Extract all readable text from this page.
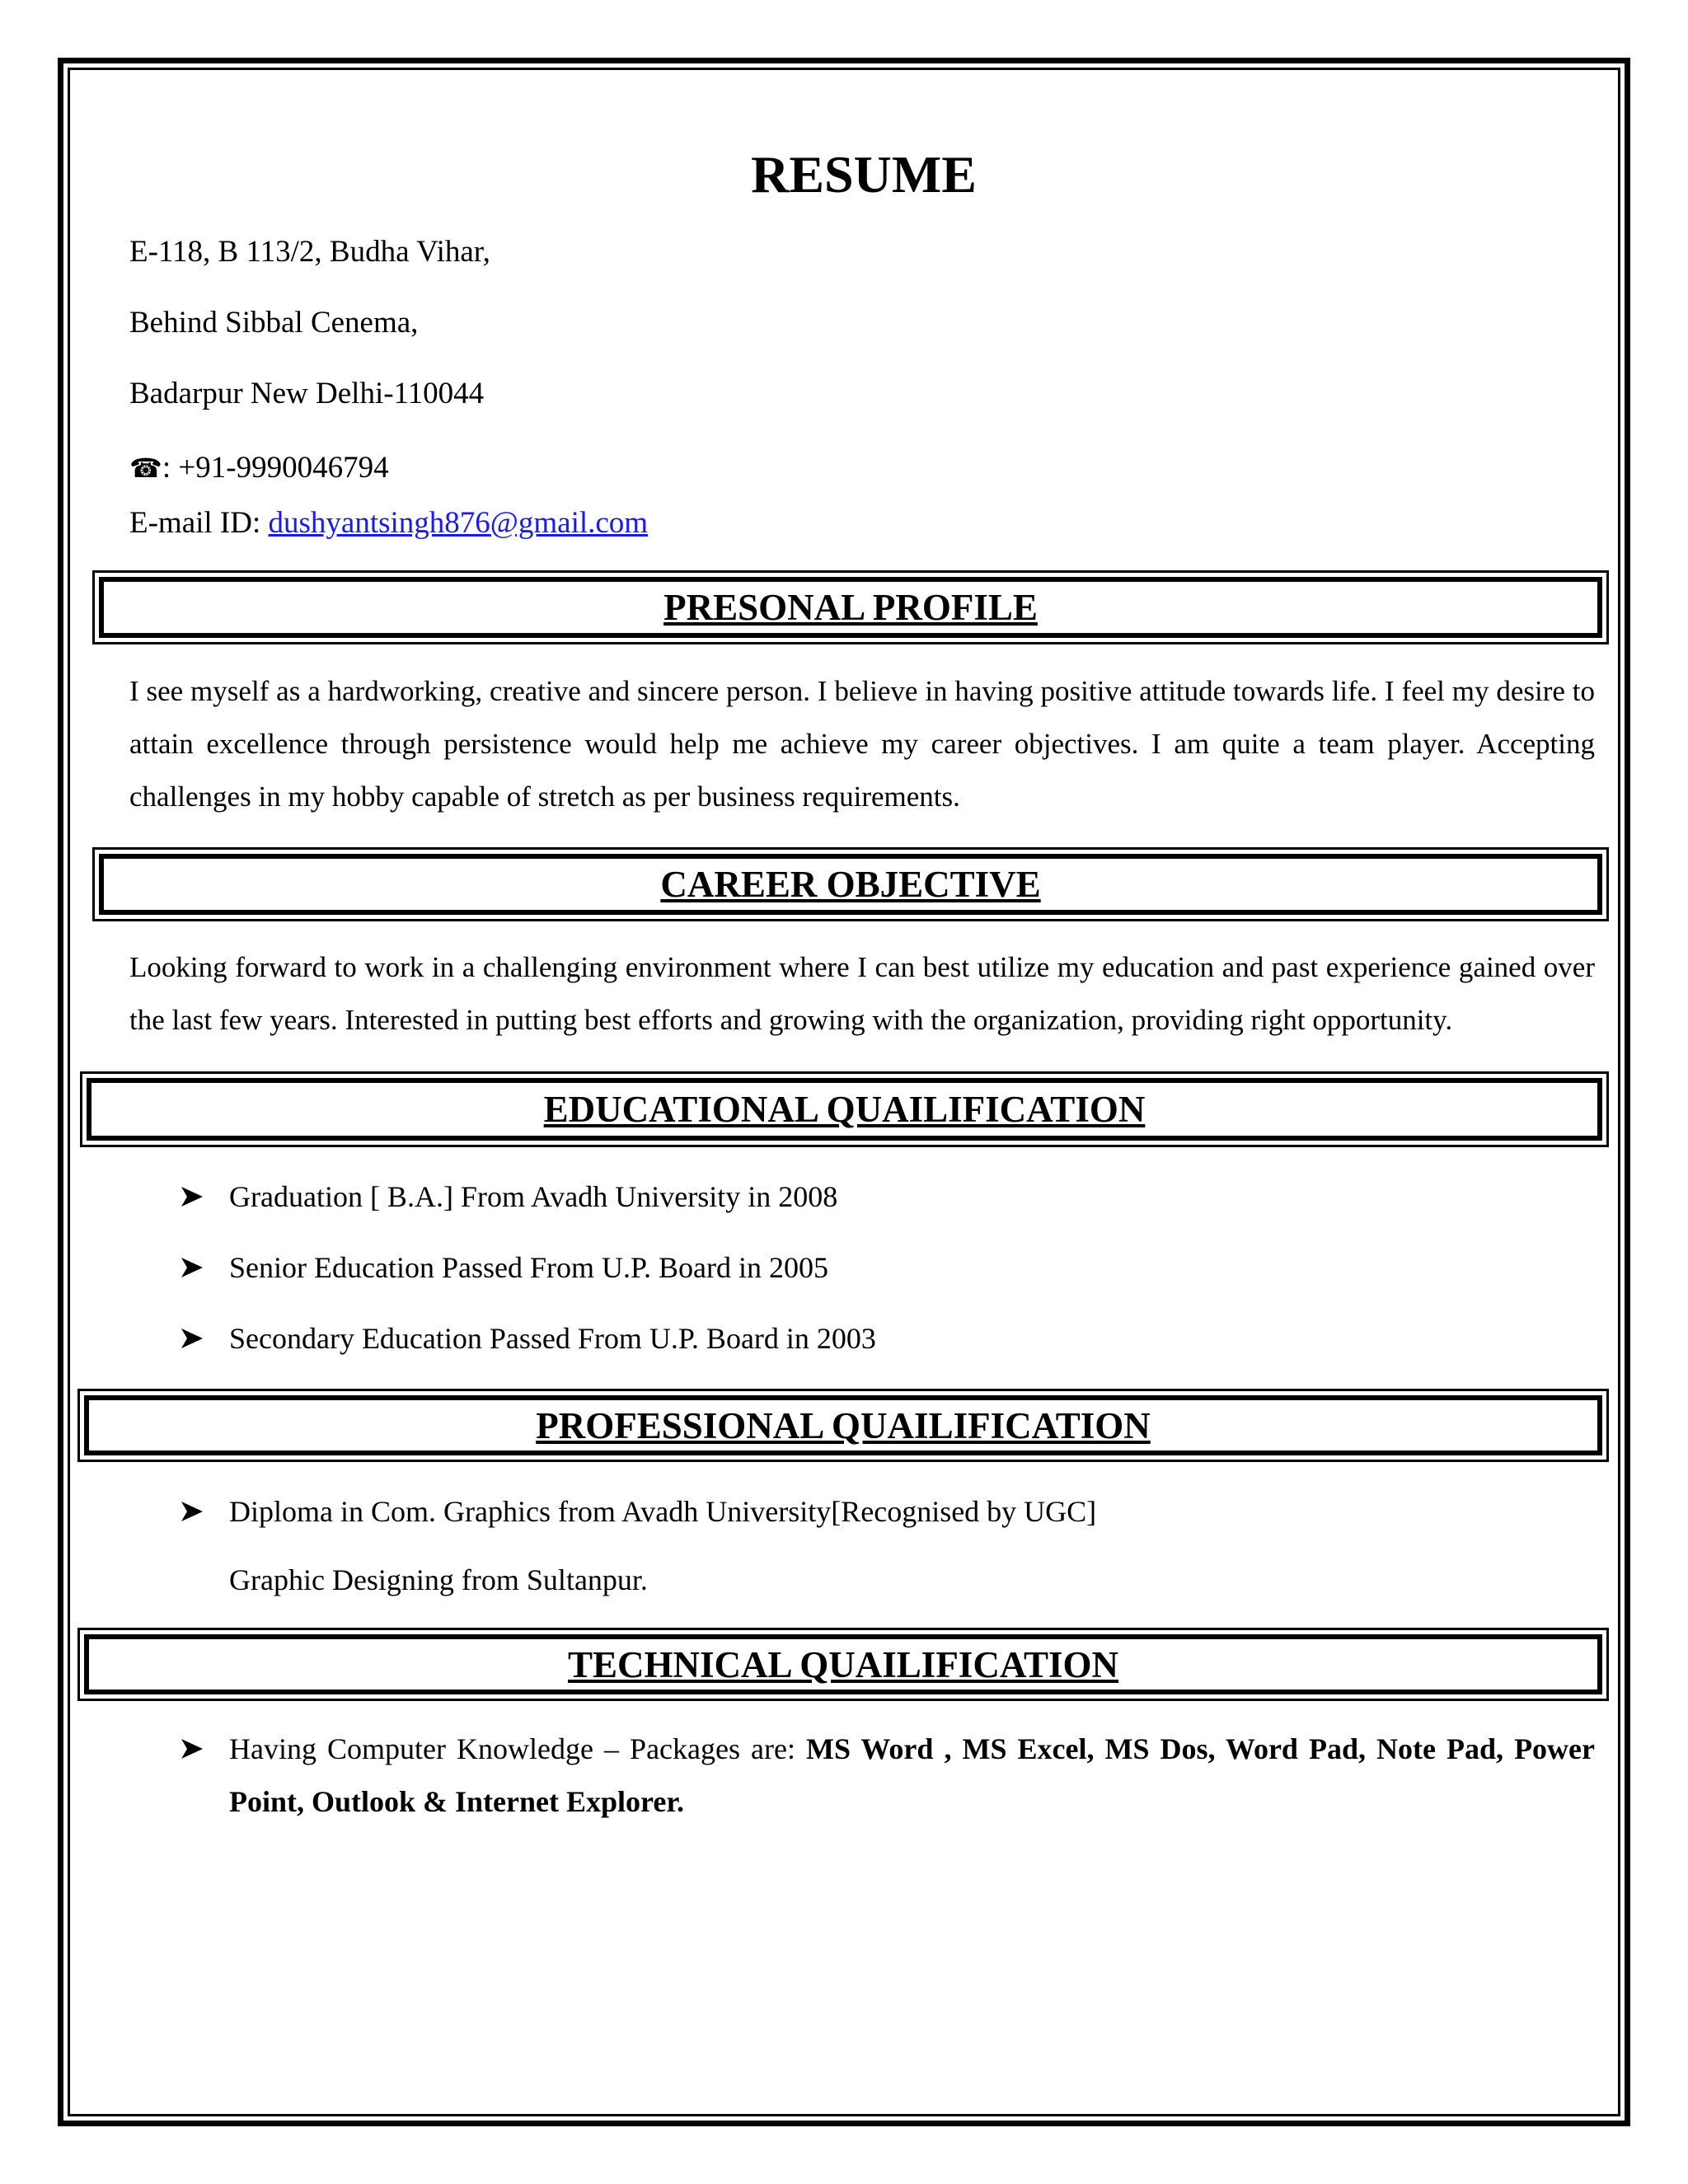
RESUME
E-118, B 113/2, Budha Vihar,
Behind Sibbal Cenema,
Badarpur New Delhi-110044
☎: +91-9990046794
E-mail ID: dushyantsingh876@gmail.com
PRESONAL PROFILE
I see myself as a hardworking, creative and sincere person. I believe in having positive attitude towards life. I feel my desire to attain excellence through persistence would help me achieve my career objectives. I am quite a team player. Accepting challenges in my hobby capable of stretch as per business requirements.
CAREER OBJECTIVE
Looking forward to work in a challenging environment where I can best utilize my education and past experience gained over the last few years. Interested in putting best efforts and growing with the organization, providing right opportunity.
EDUCATIONAL QUAILIFICATION
Graduation [ B.A.] From Avadh University in 2008
Senior Education Passed From U.P. Board in 2005
Secondary Education Passed From U.P. Board in 2003
PROFESSIONAL QUAILIFICATION
Diploma in Com. Graphics from Avadh University[Recognised by UGC]
Graphic Designing from Sultanpur.
TECHNICAL QUAILIFICATION
Having Computer Knowledge – Packages are: MS Word , MS Excel, MS Dos, Word Pad, Note Pad, Power Point, Outlook & Internet Explorer.
